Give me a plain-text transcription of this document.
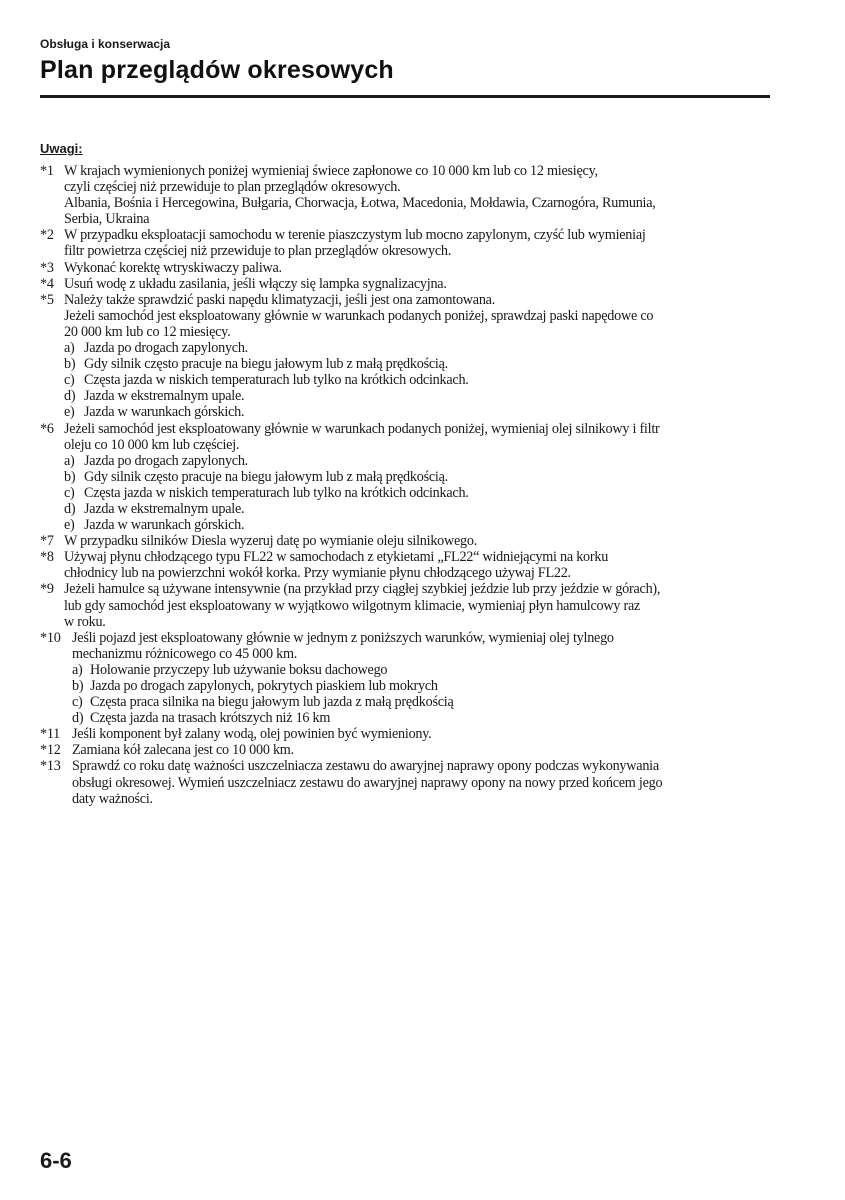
Obsługa i konserwacja
Plan przeglądów okresowych
Uwagi:
*1 W krajach wymienionych poniżej wymieniaj świece zapłonowe co 10 000 km lub co 12 miesięcy,
czyli częściej niż przewiduje to plan przeglądów okresowych.
Albania, Bośnia i Hercegowina, Bułgaria, Chorwacja, Łotwa, Macedonia, Mołdawia, Czarnogóra, Rumunia,
Serbia, Ukraina
*2 W przypadku eksploatacji samochodu w terenie piaszczystym lub mocno zapylonym, czyść lub wymieniaj
filtr powietrza częściej niż przewiduje to plan przeglądów okresowych.
*3 Wykonać korektę wtryskiwaczy paliwa.
*4 Usuń wodę z układu zasilania, jeśli włączy się lampka sygnalizacyjna.
*5 Należy także sprawdzić paski napędu klimatyzacji, jeśli jest ona zamontowana.
Jeżeli samochód jest eksploatowany głównie w warunkach podanych poniżej, sprawdzaj paski napędowe co
20 000 km lub co 12 miesięcy.
a) Jazda po drogach zapylonych.
b) Gdy silnik często pracuje na biegu jałowym lub z małą prędkością.
c) Częsta jazda w niskich temperaturach lub tylko na krótkich odcinkach.
d) Jazda w ekstremalnym upale.
e) Jazda w warunkach górskich.
*6 Jeżeli samochód jest eksploatowany głównie w warunkach podanych poniżej, wymieniaj olej silnikowy i filtr
oleju co 10 000 km lub częściej.
a) Jazda po drogach zapylonych.
b) Gdy silnik często pracuje na biegu jałowym lub z małą prędkością.
c) Częsta jazda w niskich temperaturach lub tylko na krótkich odcinkach.
d) Jazda w ekstremalnym upale.
e) Jazda w warunkach górskich.
*7 W przypadku silników Diesla wyzeruj datę po wymianie oleju silnikowego.
*8 Używaj płynu chłodzącego typu FL22 w samochodach z etykietami „FL22“ widniejącymi na korku
chłodnicy lub na powierzchni wokół korka. Przy wymianie płynu chłodzącego używaj FL22.
*9 Jeżeli hamulce są używane intensywnie (na przykład przy ciągłej szybkiej jeździe lub przy jeździe w górach),
lub gdy samochód jest eksploatowany w wyjątkowo wilgotnym klimacie, wymieniaj płyn hamulcowy raz
w roku.
*10 Jeśli pojazd jest eksploatowany głównie w jednym z poniższych warunków, wymieniaj olej tylnego
mechanizmu różnicowego co 45 000 km.
a) Holowanie przyczepy lub używanie boksu dachowego
b) Jazda po drogach zapylonych, pokrytych piaskiem lub mokrych
c) Częsta praca silnika na biegu jałowym lub jazda z małą prędkością
d) Częsta jazda na trasach krótszych niż 16 km
*11 Jeśli komponent był zalany wodą, olej powinien być wymieniony.
*12 Zamiana kół zalecana jest co 10 000 km.
*13 Sprawdź co roku datę ważności uszczelniacza zestawu do awaryjnej naprawy opony podczas wykonywania
obsługi okresowej. Wymień uszczelniacz zestawu do awaryjnej naprawy opony na nowy przed końcem jego
daty ważności.
6-6
